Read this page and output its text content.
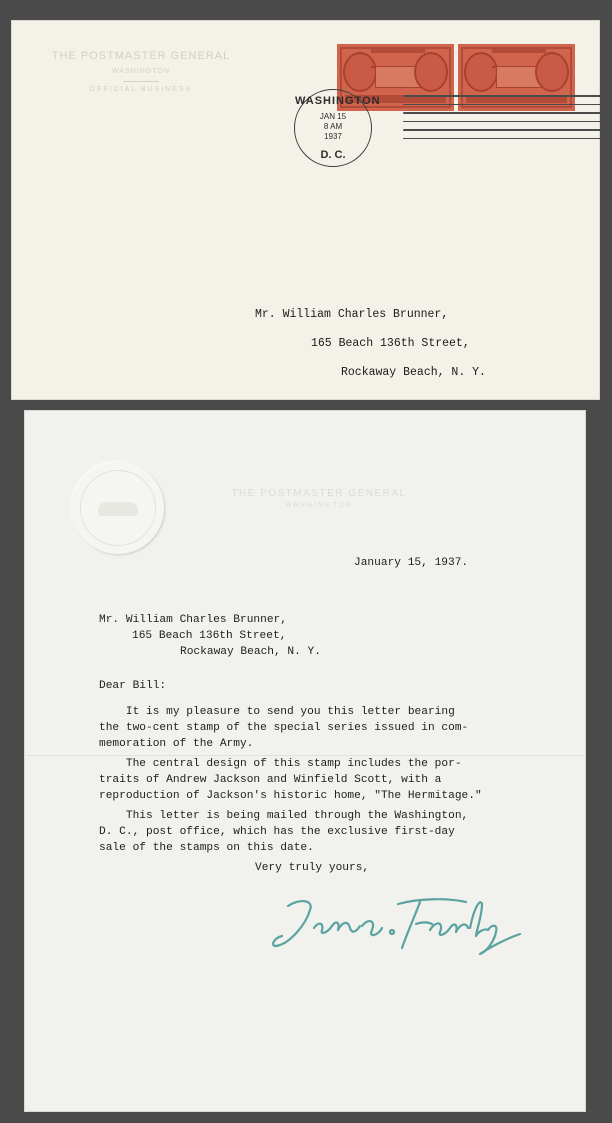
THE POSTMASTER GENERAL
WASHINGTON
OFFICIAL BUSINESS
WASHINGTON
JAN 15
8 AM
1937
D. C.
Mr. William Charles Brunner,
165 Beach 136th Street,
Rockaway Beach, N. Y.
THE POSTMASTER GENERAL
WASHINGTON
January 15, 1937.
Mr. William Charles Brunner,
165 Beach 136th Street,
Rockaway Beach, N. Y.
Dear Bill:
It is my pleasure to send you this letter bearing
the two-cent stamp of the special series issued in com-
memoration of the Army.
The central design of this stamp includes the por-
traits of Andrew Jackson and Winfield Scott, with a
reproduction of Jackson's historic home, "The Hermitage."
This letter is being mailed through the Washington,
D. C., post office, which has the exclusive first-day
sale of the stamps on this date.
Very truly yours,
